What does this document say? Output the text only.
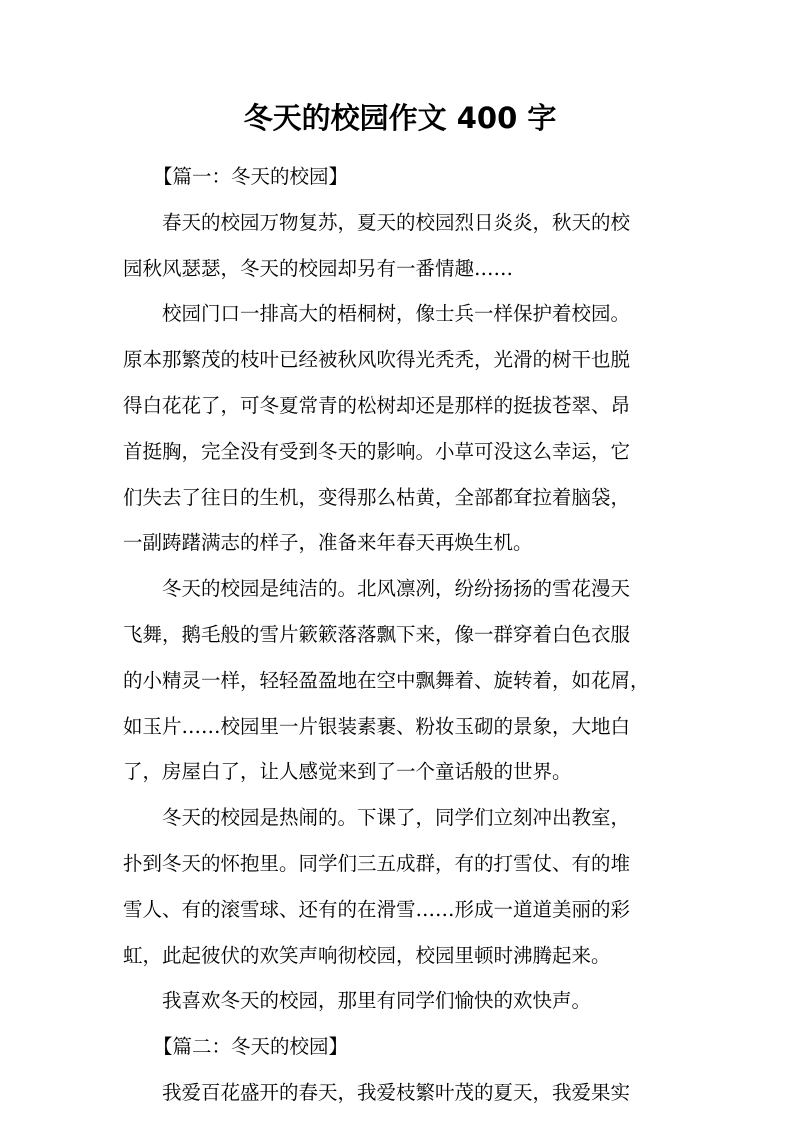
冬天的校园作文 400 字
【篇一：冬天的校园】
春天的校园万物复苏，夏天的校园烈日炎炎，秋天的校
园秋风瑟瑟，冬天的校园却另有一番情趣……
校园门口一排高大的梧桐树，像士兵一样保护着校园。
原本那繁茂的枝叶已经被秋风吹得光秃秃，光滑的树干也脱
得白花花了，可冬夏常青的松树却还是那样的挺拔苍翠、昂
首挺胸，完全没有受到冬天的影响。小草可没这么幸运，它
们失去了往日的生机，变得那么枯黄，全部都耷拉着脑袋，
一副踌躇满志的样子，准备来年春天再焕生机。
冬天的校园是纯洁的。北风凛冽，纷纷扬扬的雪花漫天
飞舞，鹅毛般的雪片簌簌落落飘下来，像一群穿着白色衣服
的小精灵一样，轻轻盈盈地在空中飘舞着、旋转着，如花屑，
如玉片……校园里一片银装素裹、粉妆玉砌的景象，大地白
了，房屋白了，让人感觉来到了一个童话般的世界。
冬天的校园是热闹的。下课了，同学们立刻冲出教室，
扑到冬天的怀抱里。同学们三五成群，有的打雪仗、有的堆
雪人、有的滚雪球、还有的在滑雪……形成一道道美丽的彩
虹，此起彼伏的欢笑声响彻校园，校园里顿时沸腾起来。
我喜欢冬天的校园，那里有同学们愉快的欢快声。
【篇二：冬天的校园】
我爱百花盛开的春天，我爱枝繁叶茂的夏天，我爱果实
